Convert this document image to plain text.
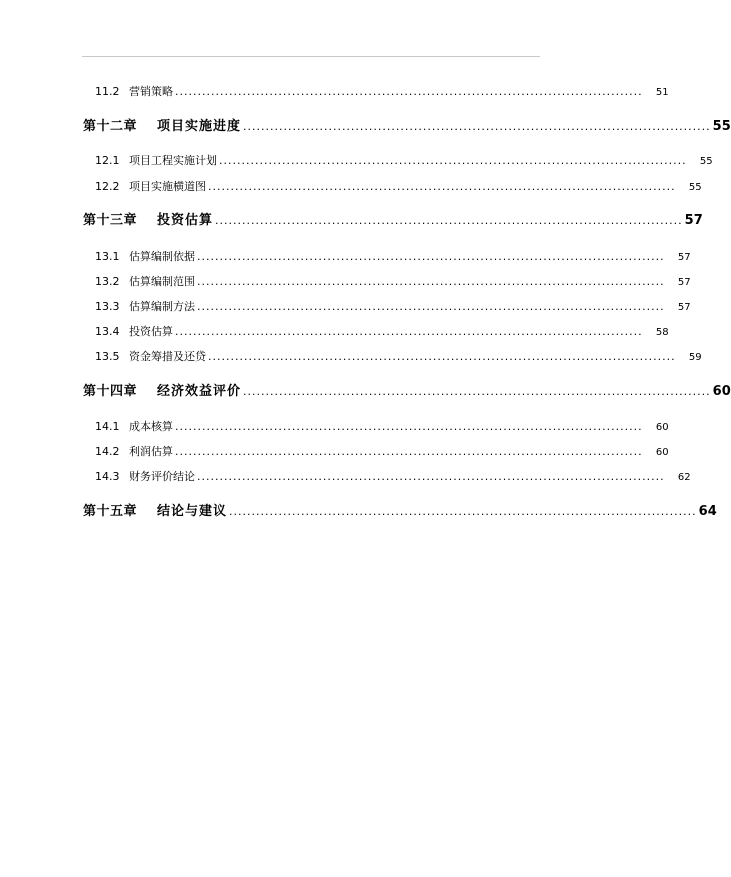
11.2 营销策略 ........................................................................................................	51
第十二章	项目实施进度 ........................................................................................................ 55
12.1 项目工程实施计划 ........................................................................................................	55
12.2 项目实施横道图 ........................................................................................................	55
第十三章	投资估算 ........................................................................................................ 57
13.1 估算编制依据 ........................................................................................................	57
13.2 估算编制范围 ........................................................................................................	57
13.3 估算编制方法 ........................................................................................................	57
13.4 投资估算 ........................................................................................................	58
13.5 资金筹措及还贷 ........................................................................................................	59
第十四章	经济效益评价 ........................................................................................................ 60
14.1 成本核算 ........................................................................................................	60
14.2 利润估算 ........................................................................................................	60
14.3 财务评价结论 ........................................................................................................	62
第十五章	结论与建议 ........................................................................................................ 64
